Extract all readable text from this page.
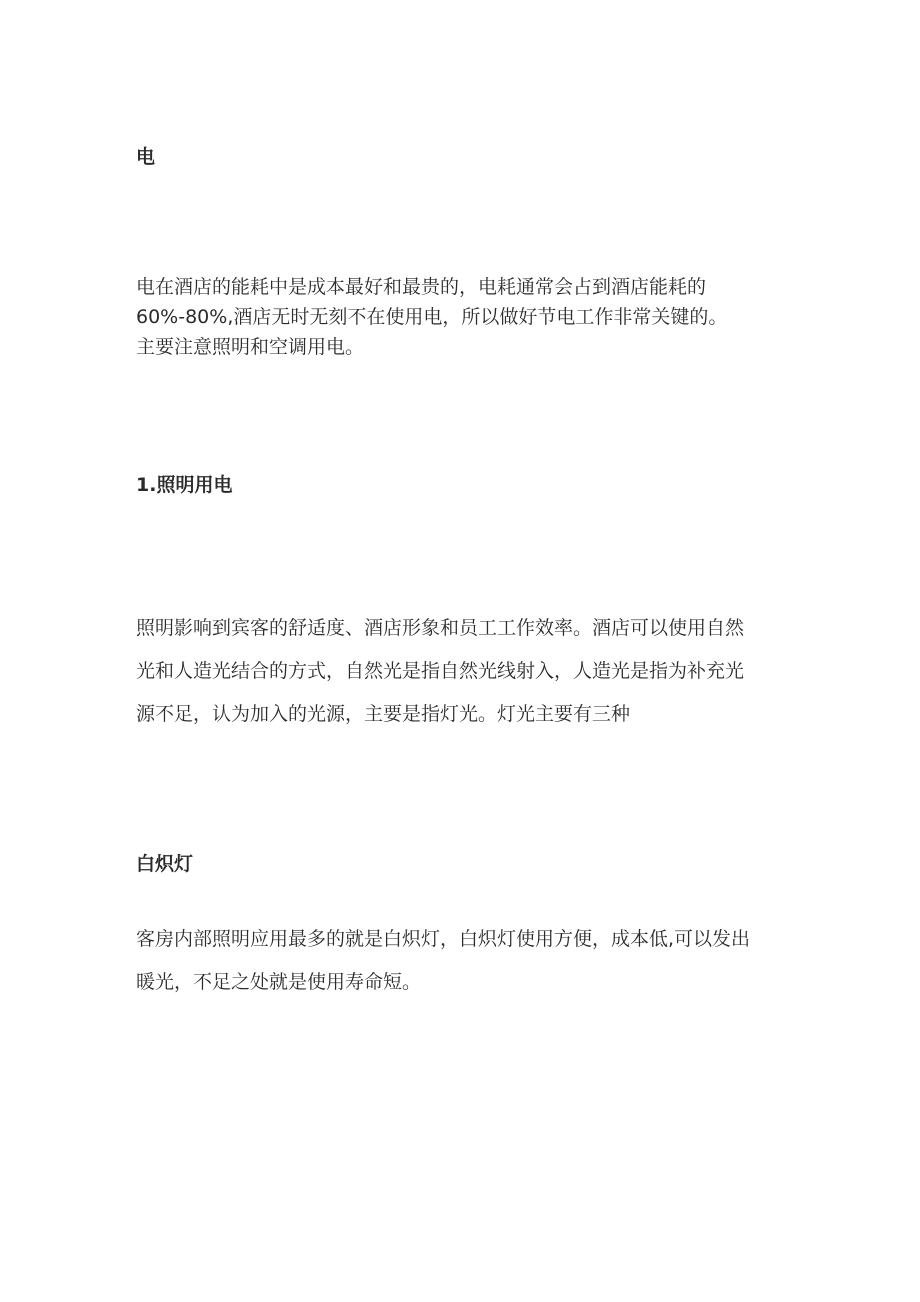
电

电在酒店的能耗中是成本最好和最贵的，电耗通常会占到酒店能耗的
60%-80%,酒店无时无刻不在使用电，所以做好节电工作非常关键的。
主要注意照明和空调用电。

1.照明用电

照明影响到宾客的舒适度、酒店形象和员工工作效率。酒店可以使用自然
光和人造光结合的方式，自然光是指自然光线射入，人造光是指为补充光
源不足，认为加入的光源，主要是指灯光。灯光主要有三种

白炽灯

客房内部照明应用最多的就是白炽灯，白炽灯使用方便，成本低,可以发出
暖光，不足之处就是使用寿命短。
